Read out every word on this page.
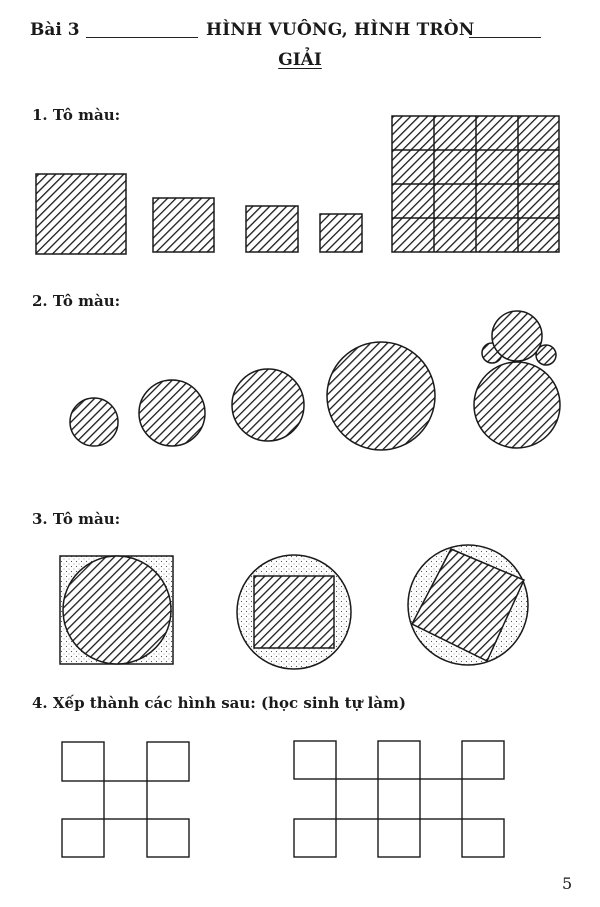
Bài 3	HÌNH VUÔNG, HÌNH TRÒN
GIẢI
1. Tô màu:
2. Tô màu:
3. Tô màu:
4. Xếp thành các hình sau: (học sinh tự làm)
5
